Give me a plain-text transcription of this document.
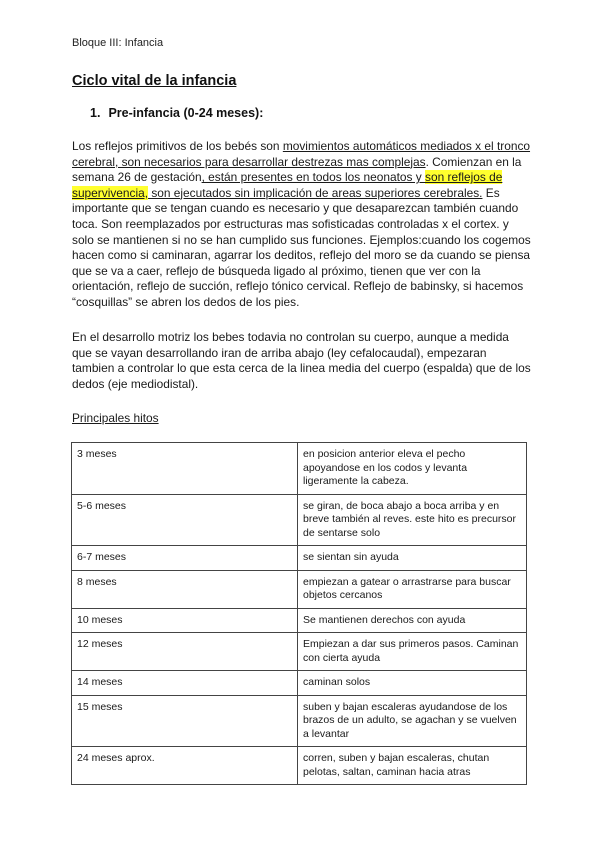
Bloque III: Infancia
Ciclo vital de la infancia
1. Pre-infancia (0-24 meses):
Los reflejos primitivos de los bebés son movimientos automáticos mediados x el tronco cerebral, son necesarios para desarrollar destrezas mas complejas. Comienzan en la semana 26 de gestación, están presentes en todos los neonatos y son reflejos de supervivencia, son ejecutados sin implicación de areas superiores cerebrales. Es importante que se tengan cuando es necesario y que desaparezcan también cuando toca. Son reemplazados por estructuras mas sofisticadas controladas x el cortex. y solo se mantienen si no se han cumplido sus funciones. Ejemplos:cuando los cogemos hacen como si caminaran, agarrar los deditos, reflejo del moro se da cuando se piensa que se va a caer, reflejo de búsqueda ligado al próximo, tienen que ver con la orientación, reflejo de succión, reflejo tónico cervical. Reflejo de babinsky, si hacemos “cosquillas” se abren los dedos de los pies.
En el desarrollo motriz los bebes todavia no controlan su cuerpo, aunque a medida que se vayan desarrollando iran de arriba abajo (ley cefalocaudal), empezaran tambien a controlar lo que esta cerca de la linea media del cuerpo (espalda) que de los dedos (eje mediodistal).
Principales hitos
3 meses	en posicion anterior eleva el pecho apoyandose en los codos y levanta ligeramente la cabeza.
5-6 meses	se giran, de boca abajo a boca arriba y en breve también al reves. este hito es precursor de sentarse solo
6-7 meses	se sientan sin ayuda
8 meses	empiezan a gatear o arrastrarse para buscar objetos cercanos
10 meses	Se mantienen derechos con ayuda
12 meses	Empiezan a dar sus primeros pasos. Caminan con cierta ayuda
14 meses	caminan solos
15 meses	suben y bajan escaleras ayudandose de los brazos de un adulto, se agachan y se vuelven a levantar
24 meses aprox.	corren, suben y bajan escaleras, chutan pelotas, saltan, caminan hacia atras
